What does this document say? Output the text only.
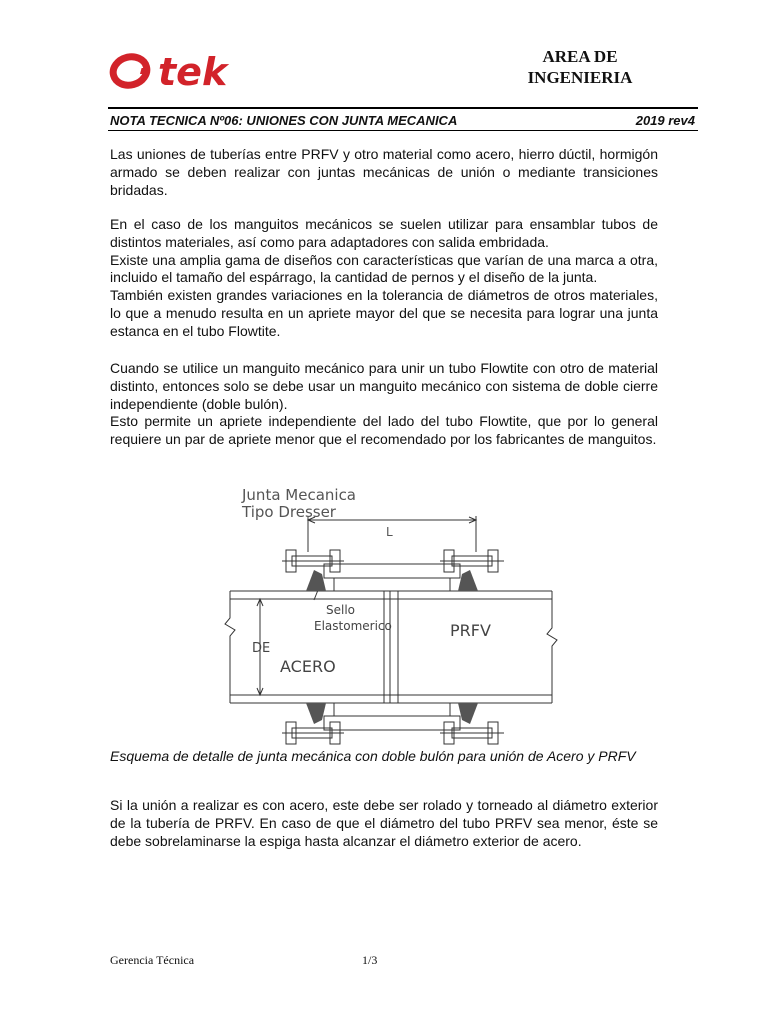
tek	AREA DE
INGENIERIA
NOTA TECNICA Nº06: UNIONES CON JUNTA MECANICA	2019 rev4

Las uniones de tuberías entre PRFV y otro material como acero, hierro dúctil, hormigón armado se deben realizar con juntas mecánicas de unión o mediante transiciones bridadas.

En el caso de los manguitos mecánicos se suelen utilizar para ensamblar tubos de distintos materiales, así como para adaptadores con salida embridada.

Existe una amplia gama de diseños con características que varían de una marca a otra, incluido el tamaño del espárrago, la cantidad de pernos y el diseño de la junta.

También existen grandes variaciones en la tolerancia de diámetros de otros materiales, lo que a menudo resulta en un apriete mayor del que se necesita para lograr una junta estanca en el tubo Flowtite.

Cuando se utilice un manguito mecánico para unir un tubo Flowtite con otro de material distinto, entonces solo se debe usar un manguito mecánico con sistema de doble cierre independiente (doble bulón).

Esto permite un apriete independiente del lado del tubo Flowtite, que por lo general requiere un par de apriete menor que el recomendado por los fabricantes de manguitos.

Junta Mecanica
Tipo Dresser
L
Sello
Elastomerico
DE
ACERO
PRFV
Esquema de detalle de junta mecánica con doble bulón para unión de Acero y PRFV

Si la unión a realizar es con acero, este debe ser rolado y torneado al diámetro exterior de la tubería de PRFV. En caso de que el diámetro del tubo PRFV sea menor, éste se debe sobrelaminarse la espiga hasta alcanzar el diámetro exterior de acero.

Gerencia Técnica	1/3
